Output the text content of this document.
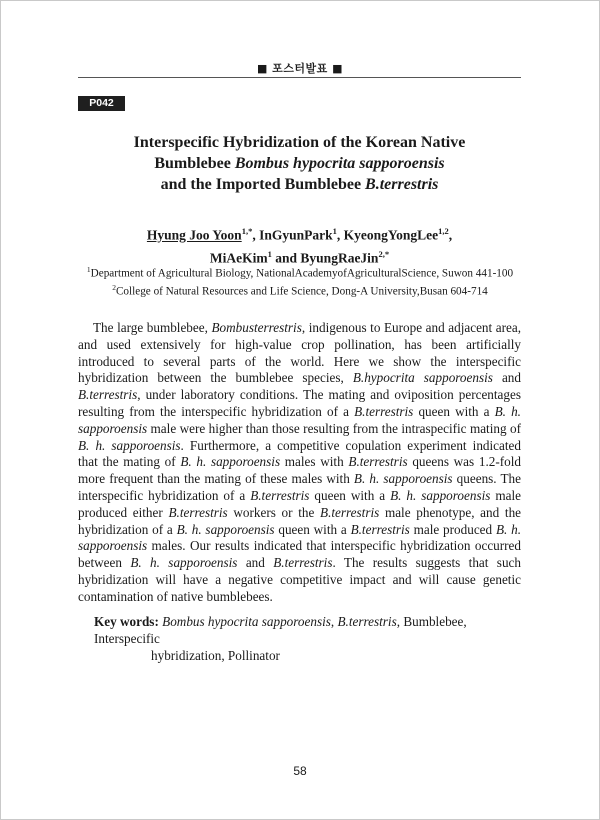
■ 포스터발표 ■
P042
Interspecific Hybridization of the Korean Native
Bumblebee Bombus hypocrita sapporoensis
and the Imported Bumblebee B.terrestris
Hyung Joo Yoon$^{1,*}$, InGyunPark$^1$, KyeongYongLee$^{1,2}$,
MiAeKim$^1$ and ByungRaeJin$^{2,*}$
$^1$Department of Agricultural Biology, NationalAcademyofAgriculturalScience, Suwon 441-100
$^2$College of Natural Resources and Life Science, Dong-A University,Busan 604-714

The large bumblebee, Bombusterrestris, indigenous to Europe and adjacent area, and used extensively for high-value crop pollination, has been artificially introduced to several parts of the world. Here we show the interspecific hybridization between the bumblebee species, B.hypocrita sapporoensis and B.terrestris, under laboratory conditions. The mating and oviposition percentages resulting from the interspecific hybridization of a B.terrestris queen with a B. h. sapporoensis male were higher than those resulting from the intraspecific mating of B. h. sapporoensis. Furthermore, a competitive copulation experiment indicated that the mating of B. h. sapporoensis males with B.terrestris queens was 1.2-fold more frequent than the mating of these males with B. h. sapporoensis queens. The interspecific hybridization of a B.terrestris queen with a B. h. sapporoensis male produced either B.terrestris workers or the B.terrestris male phenotype, and the hybridization of a B. h. sapporoensis queen with a B.terrestris male produced B. h. sapporoensis males. Our results indicated that interspecific hybridization occurred between B. h. sapporoensis and B.terrestris. The results suggests that such hybridization will have a negative competitive impact and will cause genetic contamination of native bumblebees.

Key words: Bombus hypocrita sapporoensis, B.terrestris, Bumblebee, Interspecific
hybridization, Pollinator
58
